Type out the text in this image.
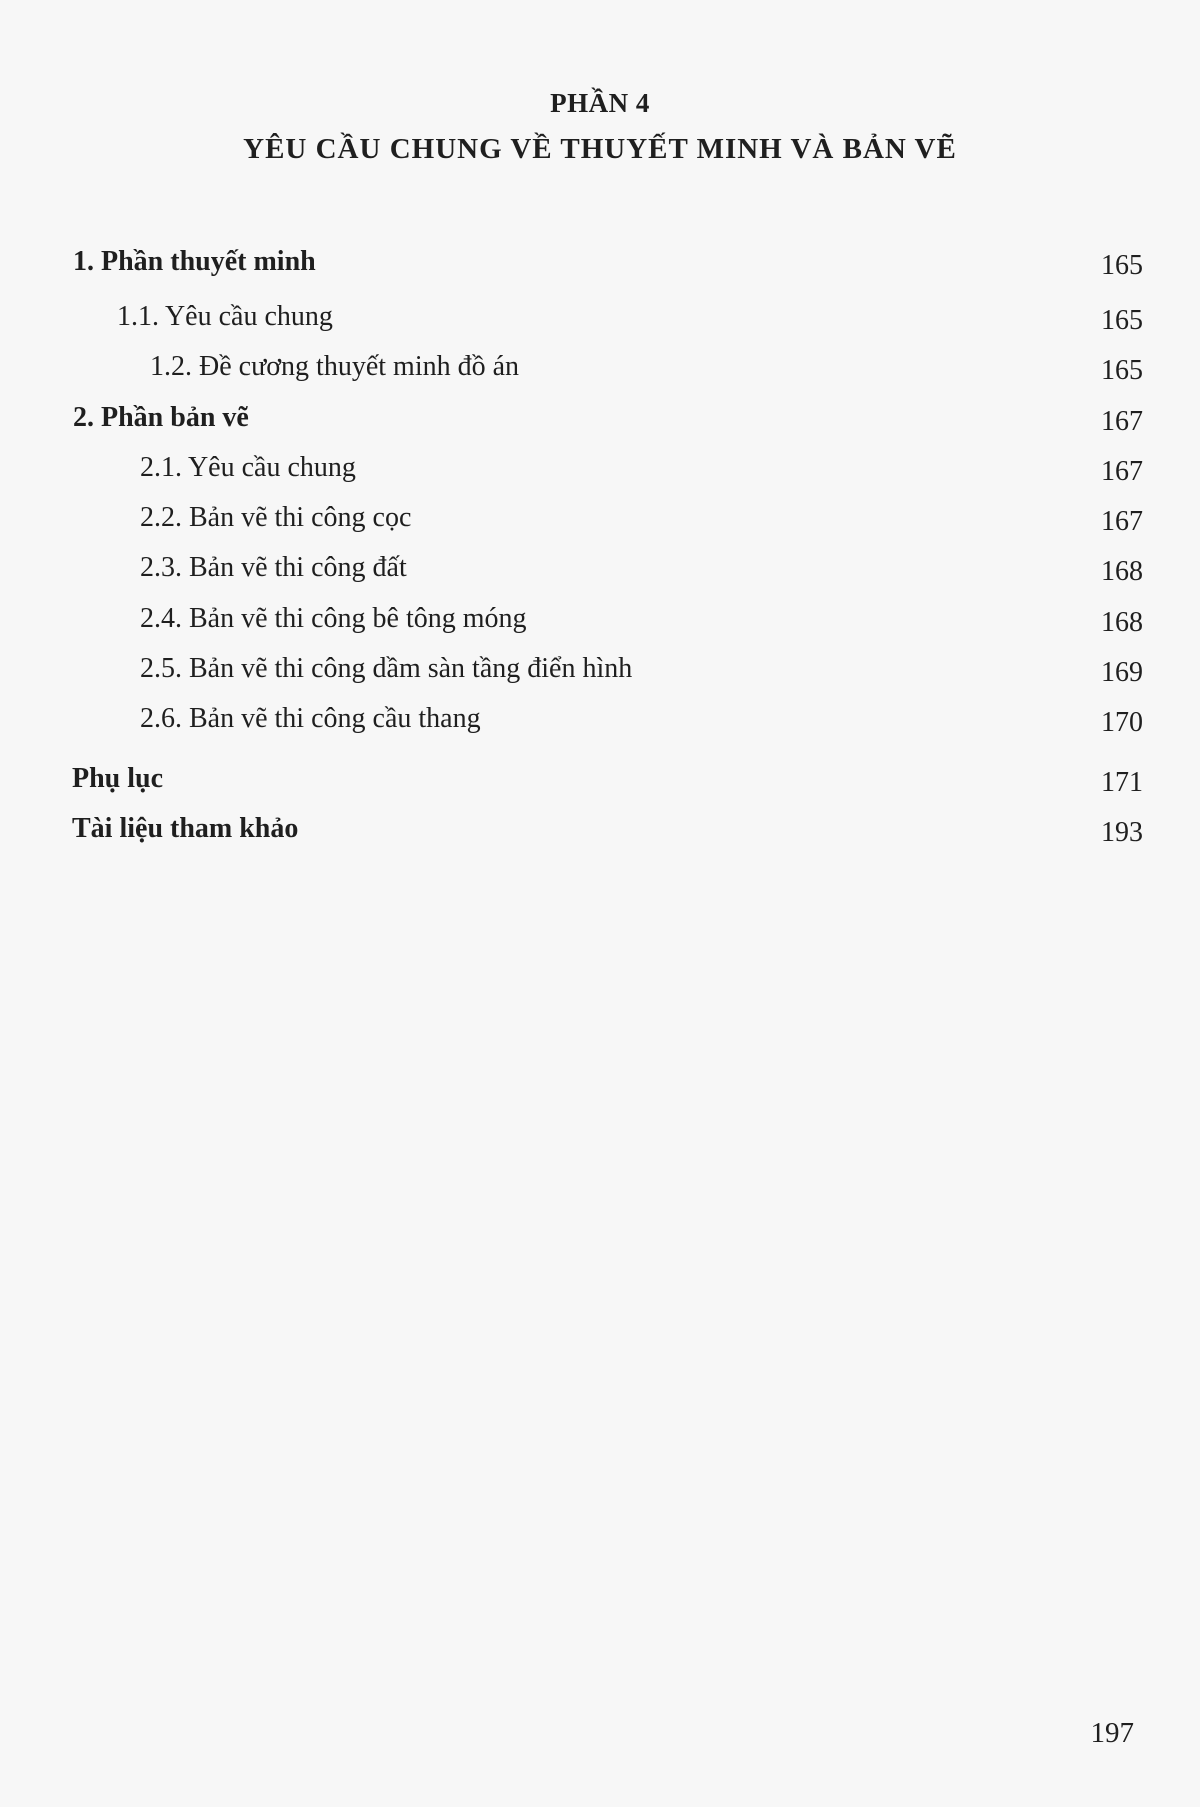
PHẦN 4
YÊU CẦU CHUNG VỀ THUYẾT MINH VÀ BẢN VẼ
1. Phần thuyết minh	165
1.1. Yêu cầu chung	165
1.2. Đề cương thuyết minh đồ án	165
2. Phần bản vẽ	167
2.1. Yêu cầu chung	167
2.2. Bản vẽ thi công cọc	167
2.3. Bản vẽ thi công đất	168
2.4. Bản vẽ thi công bê tông móng	168
2.5. Bản vẽ thi công dầm sàn tầng điển hình	169
2.6. Bản vẽ thi công cầu thang	170
Phụ lục	171
Tài liệu tham khảo	193
197
